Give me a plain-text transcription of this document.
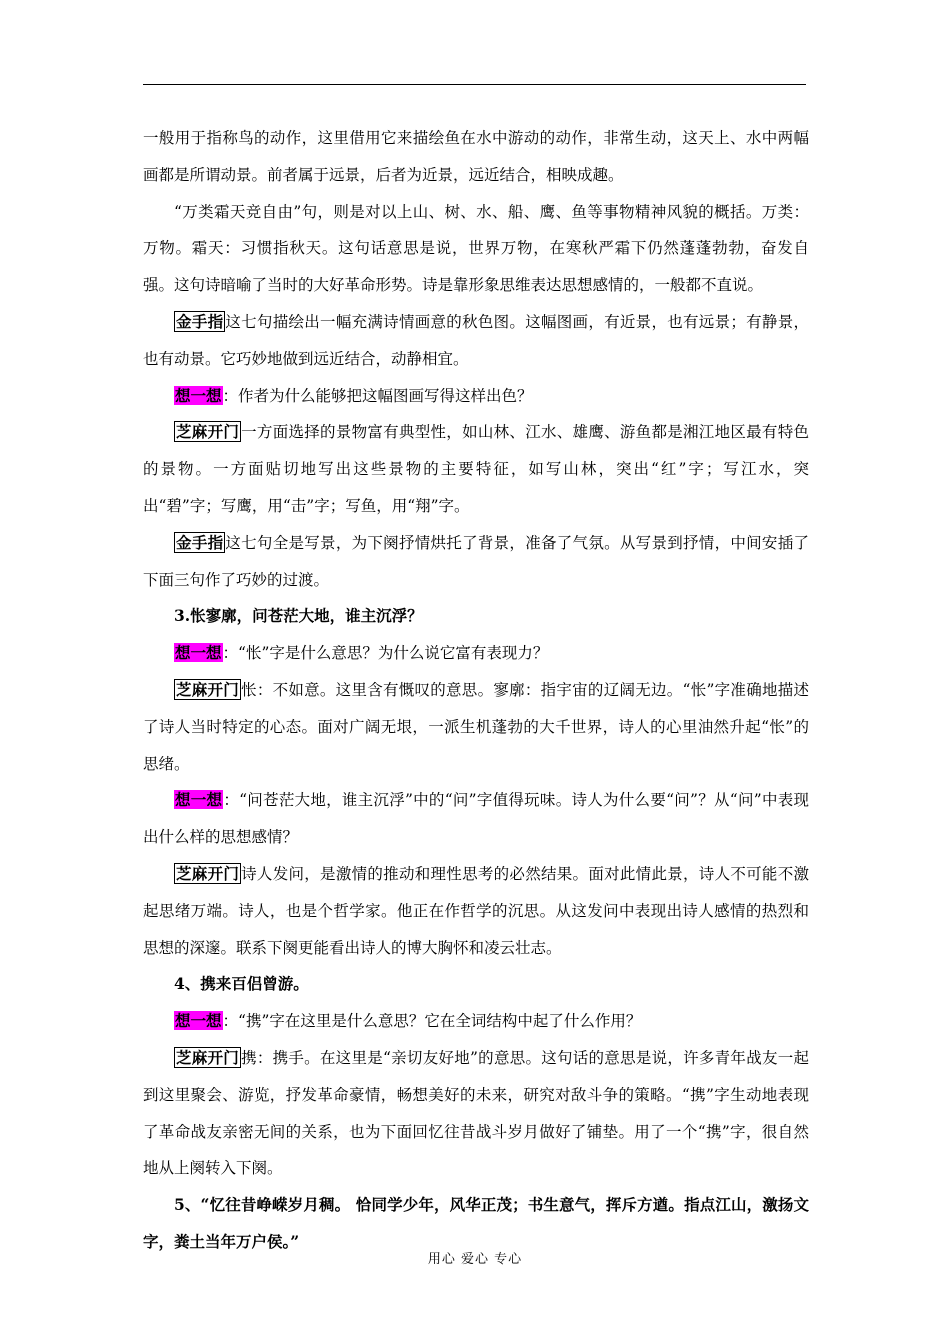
一般用于指称鸟的动作，这里借用它来描绘鱼在水中游动的动作，非常生动，这天上、水中两幅画都是所谓动景。前者属于远景，后者为近景，远近结合，相映成趣。

“万类霜天竞自由”句，则是对以上山、树、水、船、鹰、鱼等事物精神风貌的概括。万类：万物。霜天：习惯指秋天。这句话意思是说，世界万物，在寒秋严霜下仍然蓬蓬勃勃，奋发自强。这句诗暗喻了当时的大好革命形势。诗是靠形象思维表达思想感情的，一般都不直说。

金手指 这七句描绘出一幅充满诗情画意的秋色图。这幅图画，有近景，也有远景；有静景，也有动景。它巧妙地做到远近结合，动静相宜。

想一想：作者为什么能够把这幅图画写得这样出色？

芝麻开门 一方面选择的景物富有典型性，如山林、江水、雄鹰、游鱼都是湘江地区最有特色的景物。一方面贴切地写出这些景物的主要特征，如写山林，突出“红”字；写江水，突出“碧”字；写鹰，用“击”字；写鱼，用“翔”字。

金手指 这七句全是写景，为下阕抒情烘托了背景，准备了气氛。从写景到抒情，中间安插了下面三句作了巧妙的过渡。

3.怅寥廓，问苍茫大地，谁主沉浮？

想一想：“怅”字是什么意思？为什么说它富有表现力？

芝麻开门 怅：不如意。这里含有慨叹的意思。寥廓：指宇宙的辽阔无边。“怅”字准确地描述了诗人当时特定的心态。面对广阔无垠，一派生机蓬勃的大千世界，诗人的心里油然升起“怅”的思绪。

想一想：“问苍茫大地，谁主沉浮”中的“问”字值得玩味。诗人为什么要“问”？从“问”中表现出什么样的思想感情？

芝麻开门 诗人发问，是激情的推动和理性思考的必然结果。面对此情此景，诗人不可能不激起思绪万端。诗人，也是个哲学家。他正在作哲学的沉思。从这发问中表现出诗人感情的热烈和思想的深邃。联系下阕更能看出诗人的博大胸怀和凌云壮志。

4、携来百侣曾游。

想一想：“携”字在这里是什么意思？它在全词结构中起了什么作用？

芝麻开门 携：携手。在这里是“亲切友好地”的意思。这句话的意思是说，许多青年战友一起到这里聚会、游览，抒发革命豪情，畅想美好的未来，研究对敌斗争的策略。“携”字生动地表现了革命战友亲密无间的关系，也为下面回忆往昔战斗岁月做好了铺垫。用了一个“携”字，很自然地从上阕转入下阕。

5、“忆往昔峥嵘岁月稠。 恰同学少年，风华正茂；书生意气，挥斥方遒。指点江山，激扬文字，粪土当年万户侯。”

用心 爱心 专心
